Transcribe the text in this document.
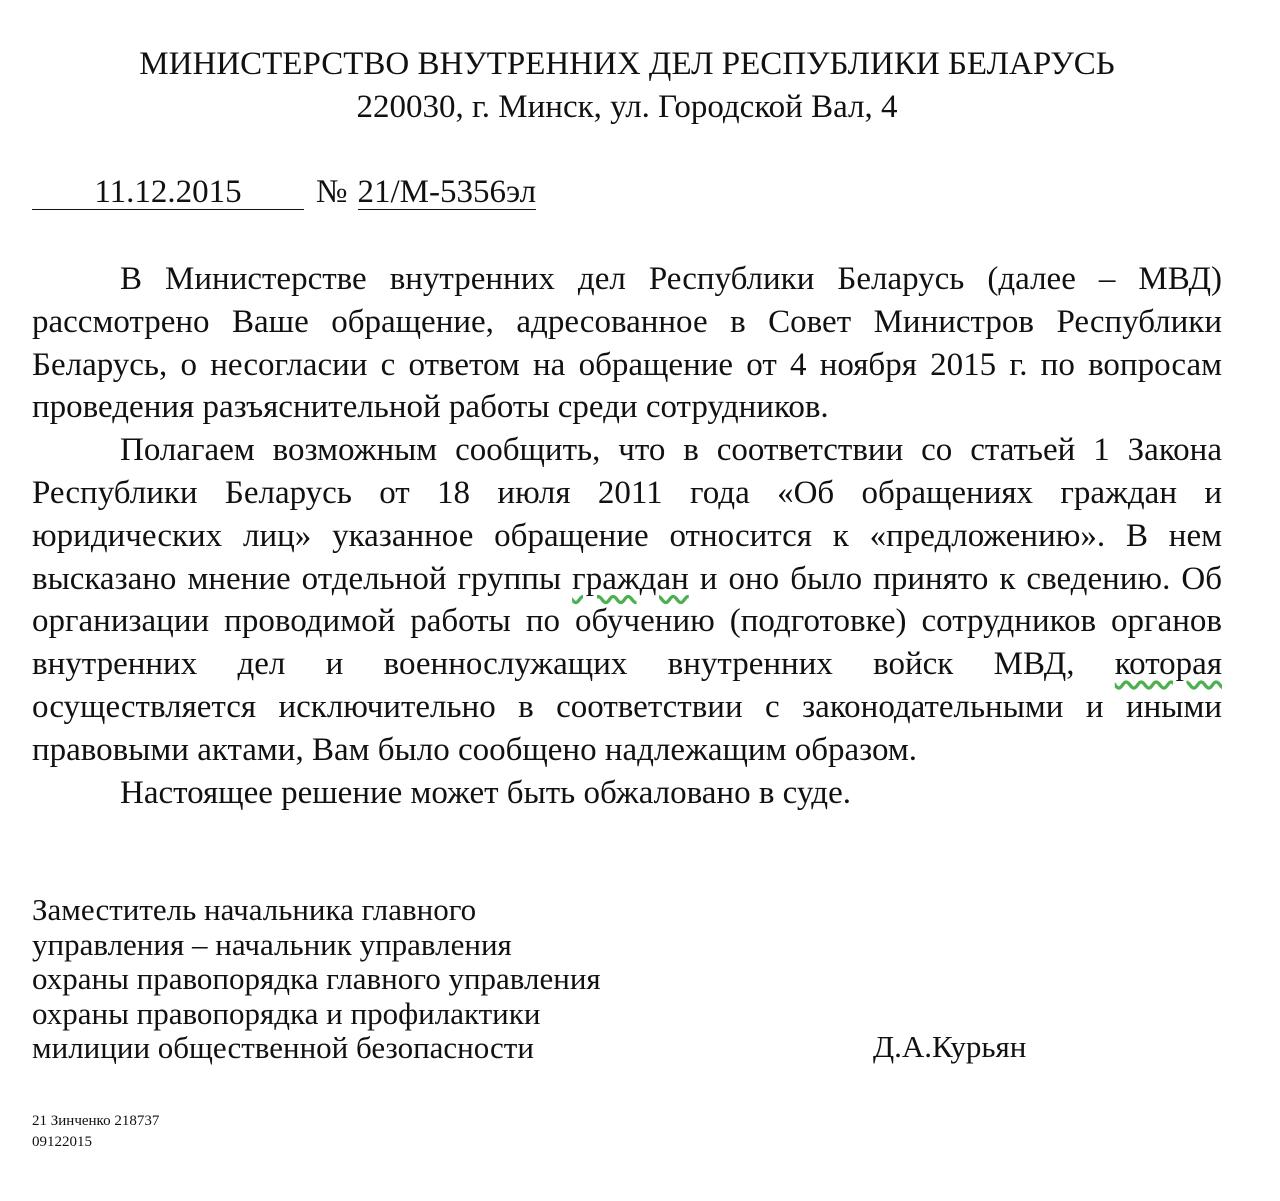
МИНИСТЕРСТВО ВНУТРЕННИХ ДЕЛ РЕСПУБЛИКИ БЕЛАРУСЬ
220030, г. Минск, ул. Городской Вал, 4
11.12.2015 № 21/М-5356эл

В Министерстве внутренних дел Республики Беларусь (далее – МВД) рассмотрено Ваше обращение, адресованное в Совет Министров Республики Беларусь, о несогласии с ответом на обращение от 4 ноября 2015 г. по вопросам проведения разъяснительной работы среди сотрудников.

Полагаем возможным сообщить, что в соответствии со статьей 1 Закона Республики Беларусь от 18 июля 2011 года «Об обращениях граждан и юридических лиц» указанное обращение относится к «предложению». В нем высказано мнение отдельной группы граждан и оно было принято к сведению. Об организации проводимой работы по обучению (подготовке) сотрудников органов внутренних дел и военнослужащих внутренних войск МВД, которая осуществляется исключительно в соответствии с законодательными и иными правовыми актами, Вам было сообщено надлежащим образом.

Настоящее решение может быть обжаловано в суде.

Заместитель начальника главного
управления – начальник управления
охраны правопорядка главного управления
охраны правопорядка и профилактики
милиции общественной безопасности	Д.А.Курьян
21 Зинченко 218737
09122015
